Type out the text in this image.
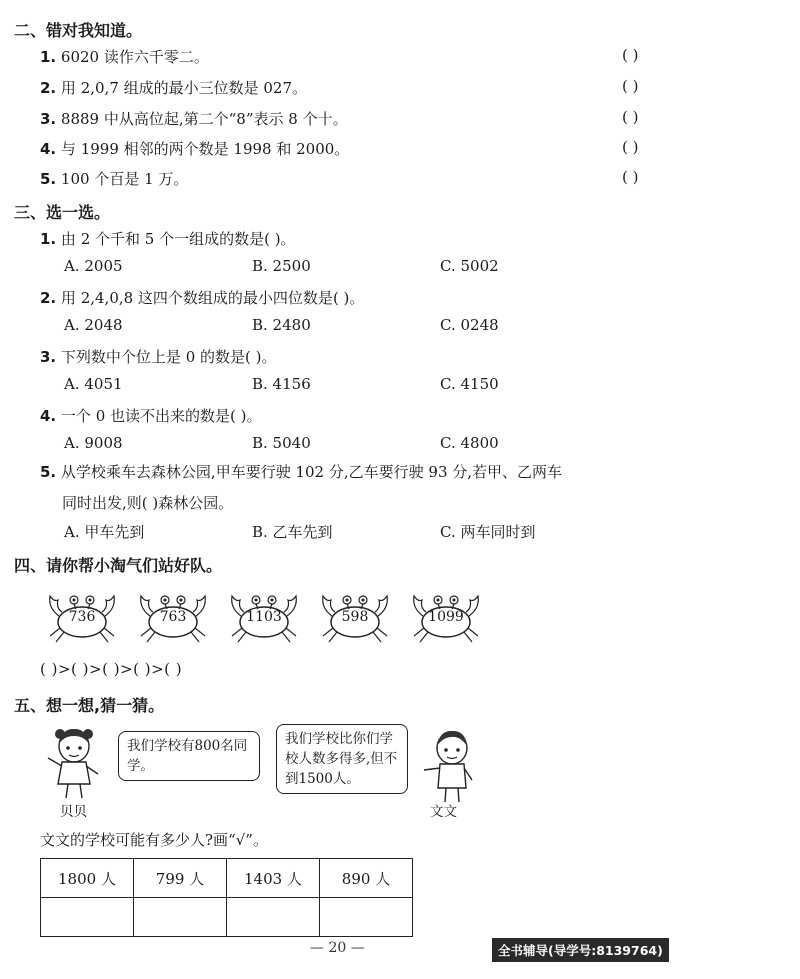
二、错对我知道。
1. 6020 读作六千零二。	( )
2. 用 2,0,7 组成的最小三位数是 027。	( )
3. 8889 中从高位起,第二个“8”表示 8 个十。	( )
4. 与 1999 相邻的两个数是 1998 和 2000。	( )
5. 100 个百是 1 万。	( )
三、选一选。
1. 由 2 个千和 5 个一组成的数是( )。
A. 2005	B. 2500	C. 5002
2. 用 2,4,0,8 这四个数组成的最小四位数是( )。
A. 2048	B. 2480	C. 0248
3. 下列数中个位上是 0 的数是( )。
A. 4051	B. 4156	C. 4150
4. 一个 0 也读不出来的数是( )。
A. 9008	B. 5040	C. 4800
5. 从学校乘车去森林公园,甲车要行驶 102 分,乙车要行驶 93 分,若甲、乙两车
同时出发,则( )森林公园。
A. 甲车先到	B. 乙车先到	C. 两车同时到
四、请你帮小淘气们站好队。
736	763	1103	598	1099
( )>( )>( )>( )>( )
五、想一想,猜一猜。
贝贝
我们学校有800名同学。
我们学校比你们学校人数多得多,但不到1500人。
文文
文文的学校可能有多少人?画“√”。
1800 人	799 人	1403 人	890 人

— 20 —	全书辅导(导学号:8139764)
